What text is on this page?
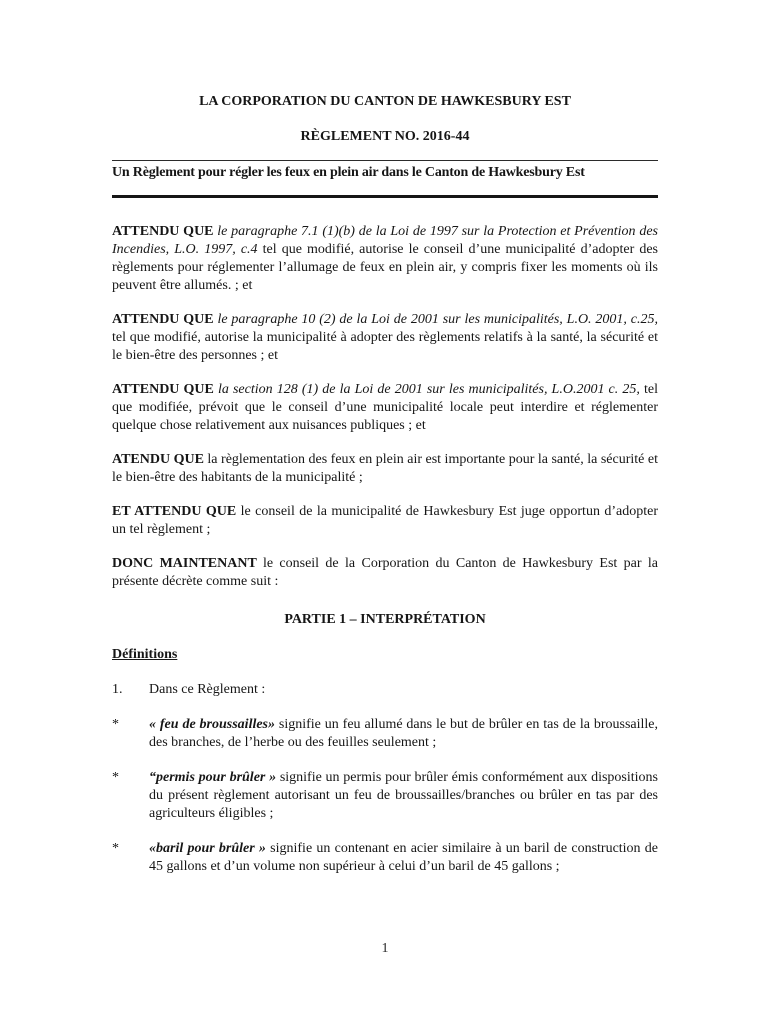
LA CORPORATION DU CANTON DE HAWKESBURY EST

RÈGLEMENT NO. 2016-44

Un Règlement pour régler les feux en plein air dans le Canton de Hawkesbury Est

ATTENDU QUE le paragraphe 7.1 (1)(b) de la Loi de 1997 sur la Protection et Prévention des Incendies, L.O. 1997, c.4 tel que modifié, autorise le conseil d’une municipalité d’adopter des règlements pour réglementer l’allumage de feux en plein air, y compris fixer les moments où ils peuvent être allumés. ; et

ATTENDU QUE le paragraphe 10 (2) de la Loi de 2001 sur les municipalités, L.O. 2001, c.25, tel que modifié, autorise la municipalité à adopter des règlements relatifs à la santé, la sécurité et le bien-être des personnes ; et

ATTENDU QUE la section 128 (1) de la Loi de 2001 sur les municipalités, L.O.2001 c. 25, tel que modifiée, prévoit que le conseil d’une municipalité locale peut interdire et réglementer quelque chose relativement aux nuisances publiques ; et

ATENDU QUE la règlementation des feux en plein air est importante pour la santé, la sécurité et le bien-être des habitants de la municipalité ;

ET ATTENDU QUE le conseil de la municipalité de Hawkesbury Est juge opportun d’adopter un tel règlement ;

DONC MAINTENANT le conseil de la Corporation du Canton de Hawkesbury Est par la présente décrète comme suit :

PARTIE 1 – INTERPRÉTATION

Définitions

1.	Dans ce Règlement :
*	« feu de broussailles» signifie un feu allumé dans le but de brûler en tas de la broussaille, des branches, de l’herbe ou des feuilles seulement ;
*	“permis pour brûler » signifie un permis pour brûler émis conformément aux dispositions du présent règlement autorisant un feu de broussailles/branches ou brûler en tas par des agriculteurs éligibles ;
*	«baril pour brûler » signifie un contenant en acier similaire à un baril de construction de 45 gallons et d’un volume non supérieur à celui d’un baril de 45 gallons ;
1
